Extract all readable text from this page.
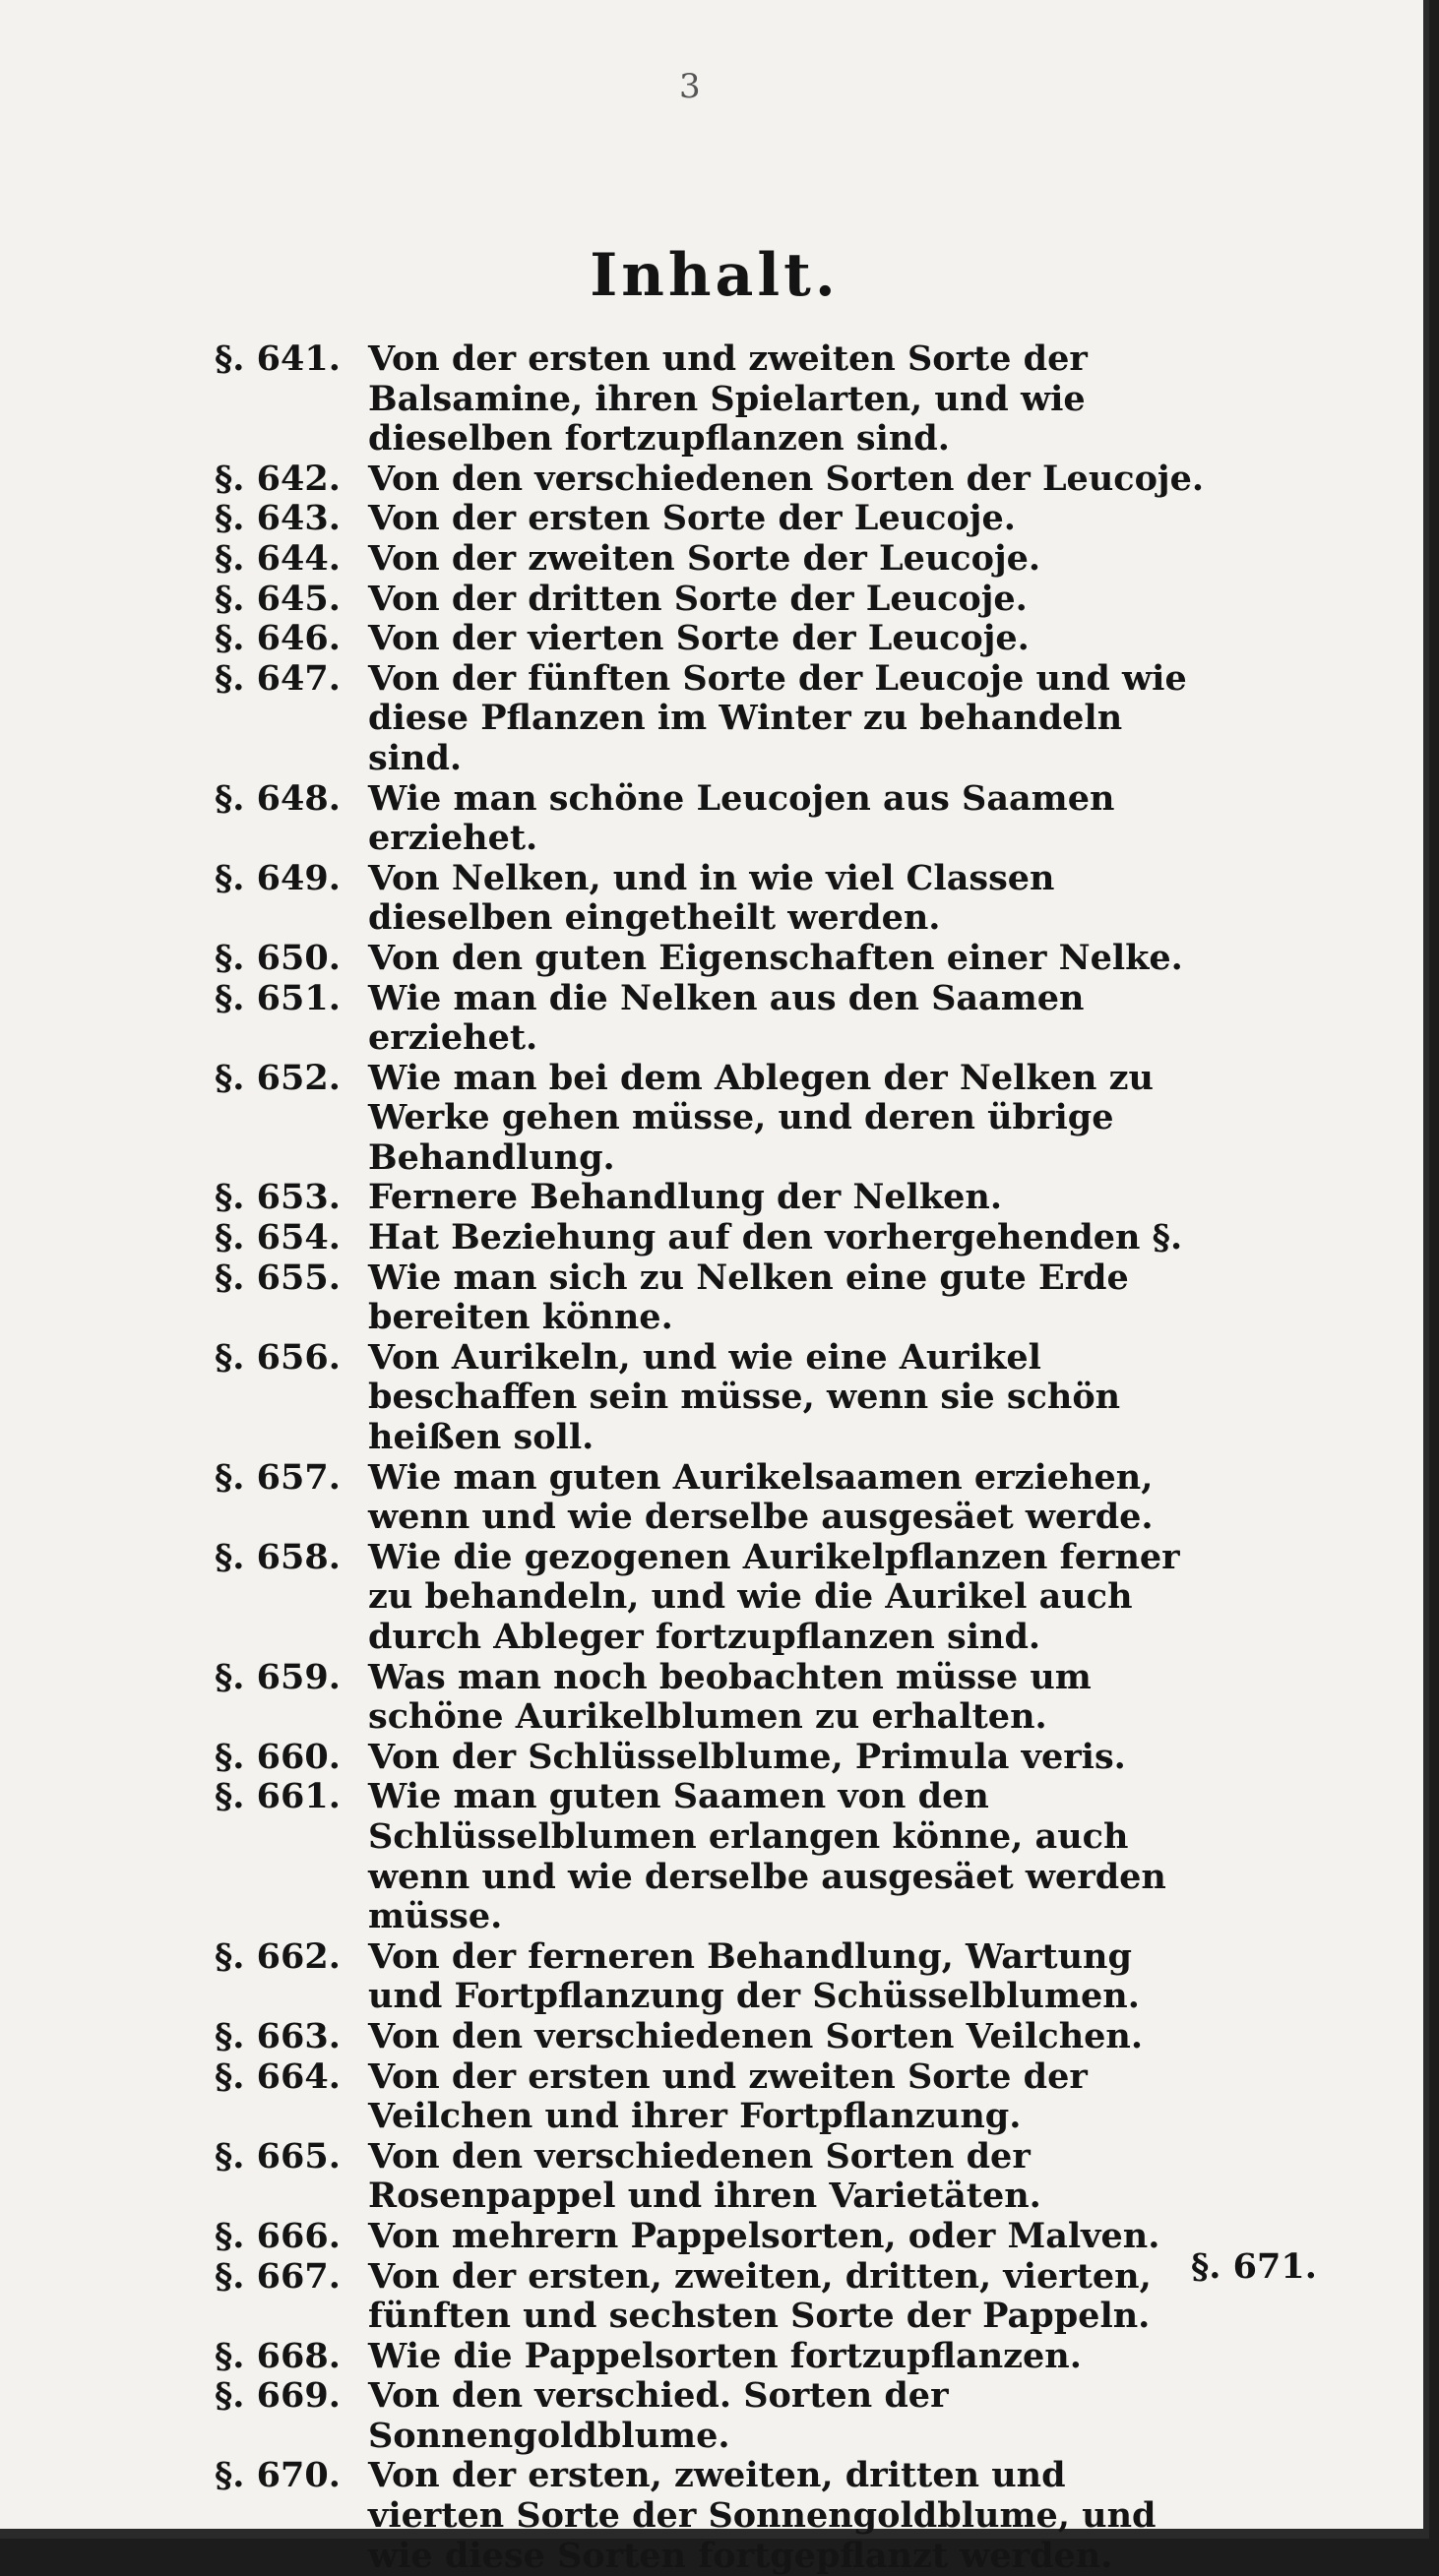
3
Inhalt.
§. 641. Von der ersten und zweiten Sorte der Balsamine, ihren Spielarten, und wie dieselben fortzupflanzen sind.
§. 642. Von den verschiedenen Sorten der Leucoje.
§. 643. Von der ersten Sorte der Leucoje.
§. 644. Von der zweiten Sorte der Leucoje.
§. 645. Von der dritten Sorte der Leucoje.
§. 646. Von der vierten Sorte der Leucoje.
§. 647. Von der fünften Sorte der Leucoje und wie diese Pflanzen im Winter zu behandeln sind.
§. 648. Wie man schöne Leucojen aus Saamen erziehet.
§. 649. Von Nelken, und in wie viel Classen dieselben eingetheilt werden.
§. 650. Von den guten Eigenschaften einer Nelke.
§. 651. Wie man die Nelken aus den Saamen erziehet.
§. 652. Wie man bei dem Ablegen der Nelken zu Werke gehen müsse, und deren übrige Behandlung.
§. 653. Fernere Behandlung der Nelken.
§. 654. Hat Beziehung auf den vorhergehenden §.
§. 655. Wie man sich zu Nelken eine gute Erde bereiten könne.
§. 656. Von Aurikeln, und wie eine Aurikel beschaffen sein müsse, wenn sie schön heißen soll.
§. 657. Wie man guten Aurikelsaamen erziehen, wenn und wie derselbe ausgesäet werde.
§. 658. Wie die gezogenen Aurikelpflanzen ferner zu behandeln, und wie die Aurikel auch durch Ableger fortzupflanzen sind.
§. 659. Was man noch beobachten müsse um schöne Aurikelblumen zu erhalten.
§. 660. Von der Schlüsselblume, Primula veris.
§. 661. Wie man guten Saamen von den Schlüsselblumen erlangen könne, auch wenn und wie derselbe ausgesäet werden müsse.
§. 662. Von der ferneren Behandlung, Wartung und Fortpflanzung der Schüsselblumen.
§. 663. Von den verschiedenen Sorten Veilchen.
§. 664. Von der ersten und zweiten Sorte der Veilchen und ihrer Fortpflanzung.
§. 665. Von den verschiedenen Sorten der Rosenpappel und ihren Varietäten.
§. 666. Von mehrern Pappelsorten, oder Malven.
§. 667. Von der ersten, zweiten, dritten, vierten, fünften und sechsten Sorte der Pappeln.
§. 668. Wie die Pappelsorten fortzupflanzen.
§. 669. Von den verschied. Sorten der Sonnengoldblume.
§. 670. Von der ersten, zweiten, dritten und vierten Sorte der Sonnengoldblume, und wie diese Sorten fortgepflanzt werden.
§. 671.
